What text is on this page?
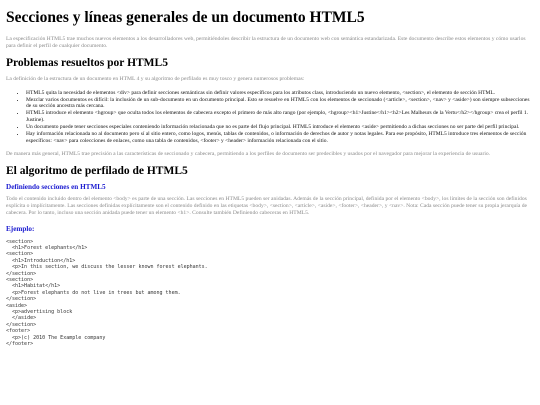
Secciones y líneas generales de un documento HTML5

La especificación HTML5 trae muchos nuevos elementos a los desarrolladores web, permitiéndoles describir la estructura de un documento web con semántica estandarizada. Este documento describe estos elementos y cómo usarlos para definir el perfil de cualquier documento.

Problemas resueltos por HTML5

La definición de la estructura de un documento en HTML 4 y su algoritmo de perfilado es muy tosco y genera numerosos problemas:

• HTML5 quita la necesidad de elementos <div> para definir secciones semánticas sin definir valores específicos para los atributos class, introduciendo un nuevo elemento, <section>, el elemento de sección HTML.
• Mezclar varios documentos es difícil: la inclusión de un sub-documento en un documento principal. Esto se resuelve en HTML5 con los elementos de seccionado (<article>, <section>, <nav> y <aside>) son siempre subsecciones de su sección ancestra más cercana.
• HTML5 introduce el elemento <hgroup> que oculta todos los elementos de cabecera excepto el primero de más alto rango (por ejemplo, <hgroup><h1>Justine</h1><h2>Les Malheurs de la Vertu</h2></hgroup> crea el perfil 1. Justine).
• Un documento puede tener secciones especiales conteniendo información relacionada que no es parte del flujo principal. HTML5 introduce el elemento <aside> permitiendo a dichas secciones no ser parte del perfil principal.
• Hay información relacionada no al documento pero sí al sitio entero, como logos, menús, tablas de contenidos, o información de derechos de autor y notas legales. Para ese propósito, HTML5 introduce tres elementos de sección específicos: <nav> para colecciones de enlaces, como una tabla de contenidos, <footer> y <header> información relacionada con el sitio.

De manera más general, HTML5 trae precisión a las características de seccionado y cabecera, permitiendo a los perfiles de documento ser predecibles y usados por el navegador para mejorar la experiencia de usuario.

El algoritmo de perfilado de HTML5
Definiendo secciones en HTML5

Todo el contenido incluido dentro del elemento <body> es parte de una sección. Las secciones en HTML5 pueden ser anidadas. Además de la sección principal, definida por el elemento <body>, los límites de la sección son definidos explícita o implícitamente. Las secciones definidas explícitamente son el contenido definido en las etiquetas <body>, <section>, <article>, <aside>, <footer>, <header>, y <nav>. Nota: Cada sección puede tener su propia jerarquía de cabecera. Por lo tanto, incluso una sección anidada puede tener un elemento <h1>. Consulte también Definiendo cabeceras en HTML5.

Ejemplo:
<section>
<h1>Forest elephants</h1>
<section>
<h1>Introduction</h1>
<p>In this section, we discuss the lesser known forest elephants.
</section>
<section>
<h1>Habitat</h1>
<p>Forest elephants do not live in trees but among them.
</section>
<aside>
<p>advertising block
</aside>
</section>
<footer>
<p>(c) 2010 The Example company
</footer>
